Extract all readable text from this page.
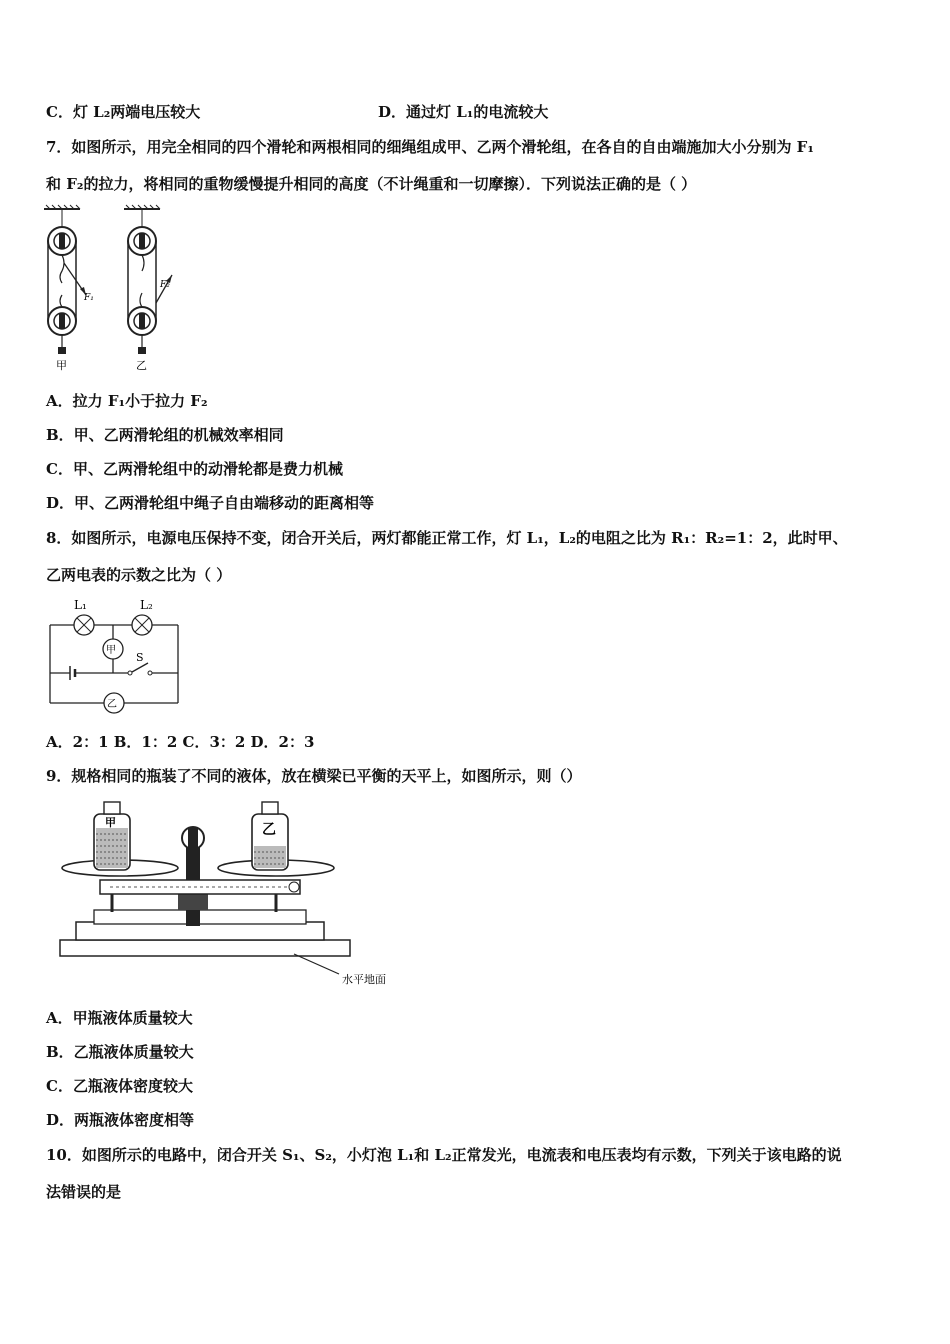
C．灯 L₂两端电压较大	D．通过灯 L₁的电流较大
7．如图所示，用完全相同的四个滑轮和两根相同的细绳组成甲、乙两个滑轮组，在各自的自由端施加大小分别为 F₁
和 F₂的拉力，将相同的重物缓慢提升相同的高度（不计绳重和一切摩擦）．下列说法正确的是（ ）
F₁
F₂
甲	乙
A．拉力 F₁小于拉力 F₂
B．甲、乙两滑轮组的机械效率相同
C．甲、乙两滑轮组中的动滑轮都是费力机械
D．甲、乙两滑轮组中绳子自由端移动的距离相等
8．如图所示，电源电压保持不变，闭合开关后，两灯都能正常工作，灯 L₁，L₂的电阻之比为 R₁：R₂=1：2，此时甲、
乙两电表的示数之比为（ ）
L₁	L₂
甲
S
乙
A．2：1 B．1：2 C．3：2 D．2：3
9．规格相同的瓶装了不同的液体，放在横梁已平衡的天平上，如图所示，则（）
水平地面
甲	乙
A．甲瓶液体质量较大
B．乙瓶液体质量较大
C．乙瓶液体密度较大
D．两瓶液体密度相等
10．如图所示的电路中，闭合开关 S₁、S₂，小灯泡 L₁和 L₂正常发光，电流表和电压表均有示数，下列关于该电路的说
法错误的是
